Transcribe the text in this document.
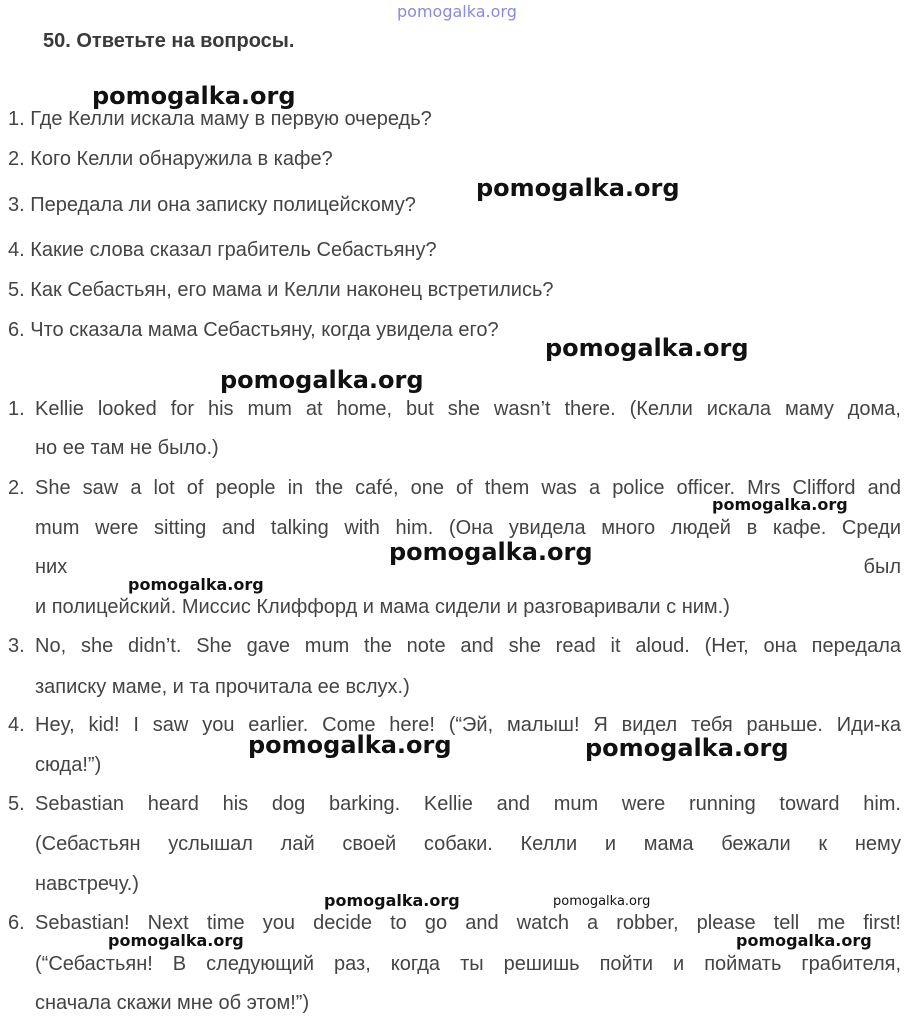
pomogalka.org
50. Ответьте на вопросы.
1. Где Келли искала маму в первую очередь?
2. Кого Келли обнаружила в кафе?
3. Передала ли она записку полицейскому?
4. Какие слова сказал грабитель Себастьяну?
5. Как Себастьян, его мама и Келли наконец встретились?
6. Что сказала мама Себастьяну, когда увидела его?
1. Kellie looked for his mum at home, but she wasn’t there. (Келли искала маму дома,
но ее там не было.)
2. She saw a lot of people in the café, one of them was a police officer. Mrs Clifford and
mum were sitting and talking with him. (Она увидела много людей в кафе. Среди
них	был
и полицейский. Миссис Клиффорд и мама сидели и разговаривали с ним.)
3. No, she didn’t. She gave mum the note and she read it aloud. (Нет, она передала
записку маме, и та прочитала ее вслух.)
4. Hey, kid! I saw you earlier. Come here! (“Эй, малыш! Я видел тебя раньше. Иди-ка
сюда!”)
5. Sebastian heard his dog barking. Kellie and mum were running toward him.
(Себастьян услышал лай своей собаки. Келли и мама бежали к нему
навстречу.)
6. Sebastian! Next time you decide to go and watch a robber, please tell me first!
(“Себастьян! В следующий раз, когда ты решишь пойти и поймать грабителя,
сначала скажи мне об этом!”)
pomogalka.org
pomogalka.org
pomogalka.org
pomogalka.org
pomogalka.org
pomogalka.org
pomogalka.org
pomogalka.org	pomogalka.org
pomogalka.org	pomogalka.org
pomogalka.org	pomogalka.org
